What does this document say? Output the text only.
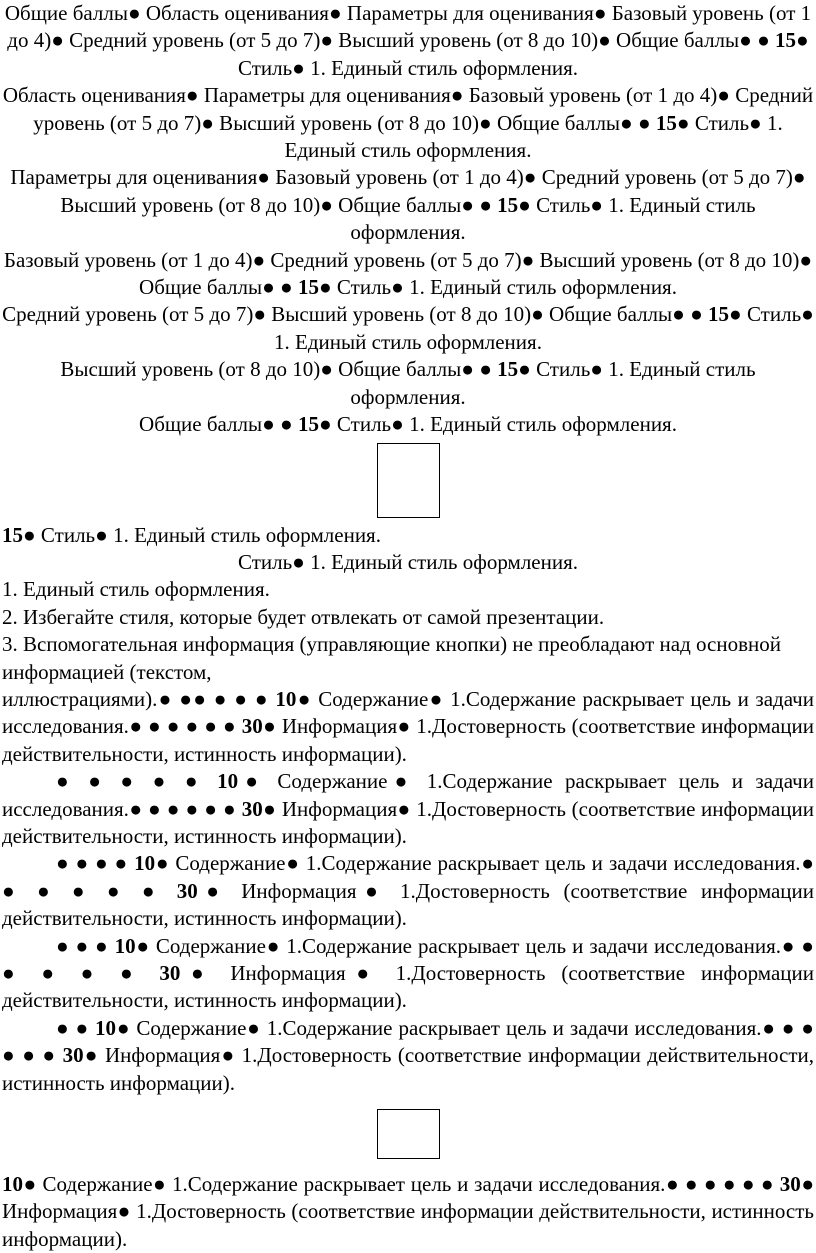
Общие баллы● Область оценивания● Параметры для оценивания● Базовый уровень (от 1 до 4)● Средний уровень (от 5 до 7)● Высший уровень (от 8 до 10)● Общие баллы● ● 15● Стиль● 1. Единый стиль оформления.

Область оценивания● Параметры для оценивания● Базовый уровень (от 1 до 4)● Средний уровень (от 5 до 7)● Высший уровень (от 8 до 10)● Общие баллы● ● 15● Стиль● 1. Единый стиль оформления.

Параметры для оценивания● Базовый уровень (от 1 до 4)● Средний уровень (от 5 до 7)● Высший уровень (от 8 до 10)● Общие баллы● ● 15● Стиль● 1. Единый стиль оформления.

Базовый уровень (от 1 до 4)● Средний уровень (от 5 до 7)● Высший уровень (от 8 до 10)● Общие баллы● ● 15● Стиль● 1. Единый стиль оформления.

Средний уровень (от 5 до 7)● Высший уровень (от 8 до 10)● Общие баллы● ● 15● Стиль● 1. Единый стиль оформления.

Высший уровень (от 8 до 10)● Общие баллы● ● 15● Стиль● 1. Единый стиль оформления.

Общие баллы● ● 15● Стиль● 1. Единый стиль оформления.

15● Стиль● 1. Единый стиль оформления.

Стиль● 1. Единый стиль оформления.

1. Единый стиль оформления.

2. Избегайте стиля, которые будет отвлекать от самой презентации.

3. Вспомогательная информация (управляющие кнопки) не преобладают над основной информацией (текстом,

иллюстрациями).● ●● ● ● ● 10● Содержание● 1.Содержание раскрывает цель и задачи исследования.● ● ● ● ● ● 30● Информация● 1.Достоверность (соответствие информации действительности, истинность информации).

● ● ● ● ● 10● Содержание● 1.Содержание раскрывает цель и задачи исследования.● ● ● ● ● ● 30● Информация● 1.Достоверность (соответствие информации действительности, истинность информации).

● ● ● ● 10● Содержание● 1.Содержание раскрывает цель и задачи исследования.● ● ● ● ● ● 30● Информация● 1.Достоверность (соответствие информации действительности, истинность информации).

● ● ● 10● Содержание● 1.Содержание раскрывает цель и задачи исследования.● ● ● ● ● ● 30● Информация● 1.Достоверность (соответствие информации действительности, истинность информации).

● ● 10● Содержание● 1.Содержание раскрывает цель и задачи исследования.● ● ● ● ● ● 30● Информация● 1.Достоверность (соответствие информации действительности, истинность информации).

10● Содержание● 1.Содержание раскрывает цель и задачи исследования.● ● ● ● ● ● 30● Информация● 1.Достоверность (соответствие информации действительности, истинность информации).
